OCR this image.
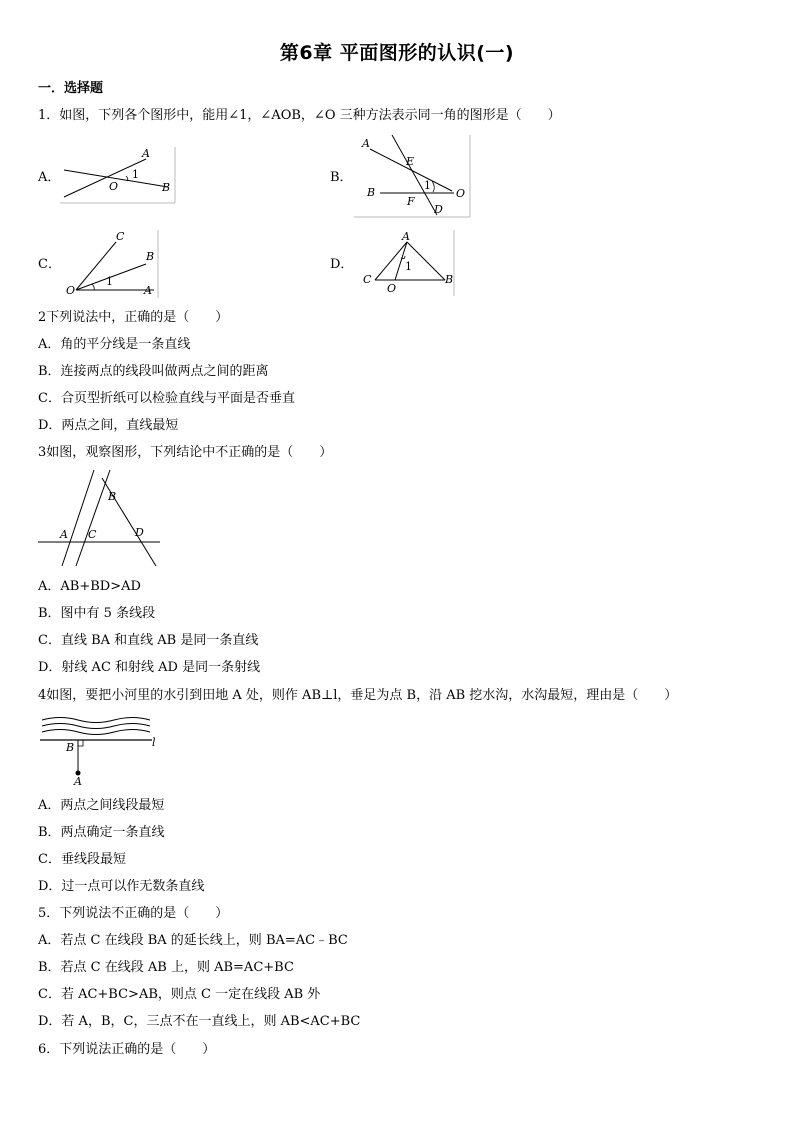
第6章 平面图形的认识(一)
一．选择题
1．如图，下列各个图形中，能用∠1，∠AOB，∠O 三种方法表示同一角的图形是（　　）
A．
A
1
O	B
B．
A
E
B
1
F
O
D
C．
C
B
1
O	A
D．
A
1
C
O
B
2下列说法中，正确的是（　　）
A．角的平分线是一条直线
B．连接两点的线段叫做两点之间的距离
C．合页型折纸可以检验直线与平面是否垂直
D．两点之间，直线最短
3如图，观察图形，下列结论中不正确的是（　　）
B
A C	D
A．AB+BD>AD
B．图中有 5 条线段
C．直线 BA 和直线 AB 是同一条直线
D．射线 AC 和射线 AD 是同一条射线
4如图，要把小河里的水引到田地 A 处，则作 AB⊥l，垂足为点 B，沿 AB 挖水沟，水沟最短，理由是（　　）
B	l
A
A．两点之间线段最短
B．两点确定一条直线
C．垂线段最短
D．过一点可以作无数条直线
5．下列说法不正确的是（　　）
A．若点 C 在线段 BA 的延长线上，则 BA=AC﹣BC
B．若点 C 在线段 AB 上，则 AB=AC+BC
C．若 AC+BC>AB，则点 C 一定在线段 AB 外
D．若 A，B，C，三点不在一直线上，则 AB<AC+BC
6．下列说法正确的是（　　）
